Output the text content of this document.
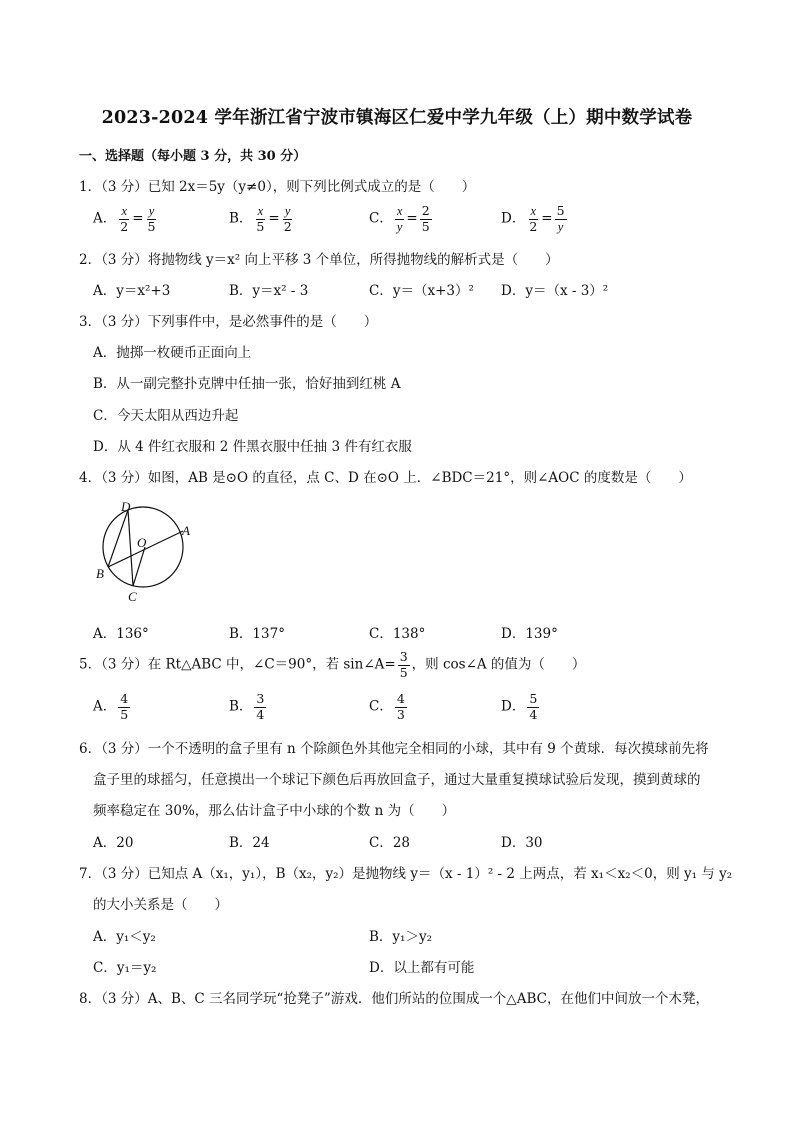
2023-2024 学年浙江省宁波市镇海区仁爱中学九年级（上）期中数学试卷
一、选择题（每小题 3 分，共 30 分）
1．（3 分）已知 2x＝5y（y≠0），则下列比例式成立的是（　　）
A． $\frac{x}{2} = \frac{y}{5}$	B． $\frac{x}{5} = \frac{y}{2}$	C． $\frac{x}{y} = \frac{2}{5}$	D． $\frac{x}{2} = \frac{5}{y}$
2．（3 分）将抛物线 y＝x² 向上平移 3 个单位，所得抛物线的解析式是（　　）
A．y＝x²+3	B．y＝x² - 3	C．y＝（x+3）² D．y＝（x - 3）²
3．（3 分）下列事件中，是必然事件的是（　　）
A．抛掷一枚硬币正面向上
B．从一副完整扑克牌中任抽一张，恰好抽到红桃 A
C．今天太阳从西边升起
D．从 4 件红衣服和 2 件黑衣服中任抽 3 件有红衣服
4．（3 分）如图，AB 是⊙O 的直径，点 C、D 在⊙O 上．∠BDC＝21°，则∠AOC 的度数是（　　）
D
O
A
B
C
A．136°	B．137°	C．138°	D．139°
5．（3 分）在 Rt△ABC 中，∠C＝90°，若 sin∠A= $\frac{3}{5}$ ，则 cos∠A 的值为（　　）
A． $\frac{4}{5}$	B． $\frac{3}{4}$	C． $\frac{4}{3}$	D． $\frac{5}{4}$
6．（3 分）一个不透明的盒子里有 n 个除颜色外其他完全相同的小球，其中有 9 个黄球．每次摸球前先将
盒子里的球摇匀，任意摸出一个球记下颜色后再放回盒子，通过大量重复摸球试验后发现，摸到黄球的
频率稳定在 30%，那么估计盒子中小球的个数 n 为（　　）
A．20	B．24	C．28	D．30
7．（3 分）已知点 A（x₁，y₁），B（x₂，y₂）是抛物线 y＝（x - 1）² - 2 上两点，若 x₁＜x₂＜0，则 y₁ 与 y₂
的大小关系是（　　）
A．y₁＜y₂	B．y₁＞y₂
C．y₁＝y₂	D．以上都有可能
8．（3 分）A、B、C 三名同学玩“抢凳子”游戏．他们所站的位围成一个△ABC，在他们中间放一个木凳，
